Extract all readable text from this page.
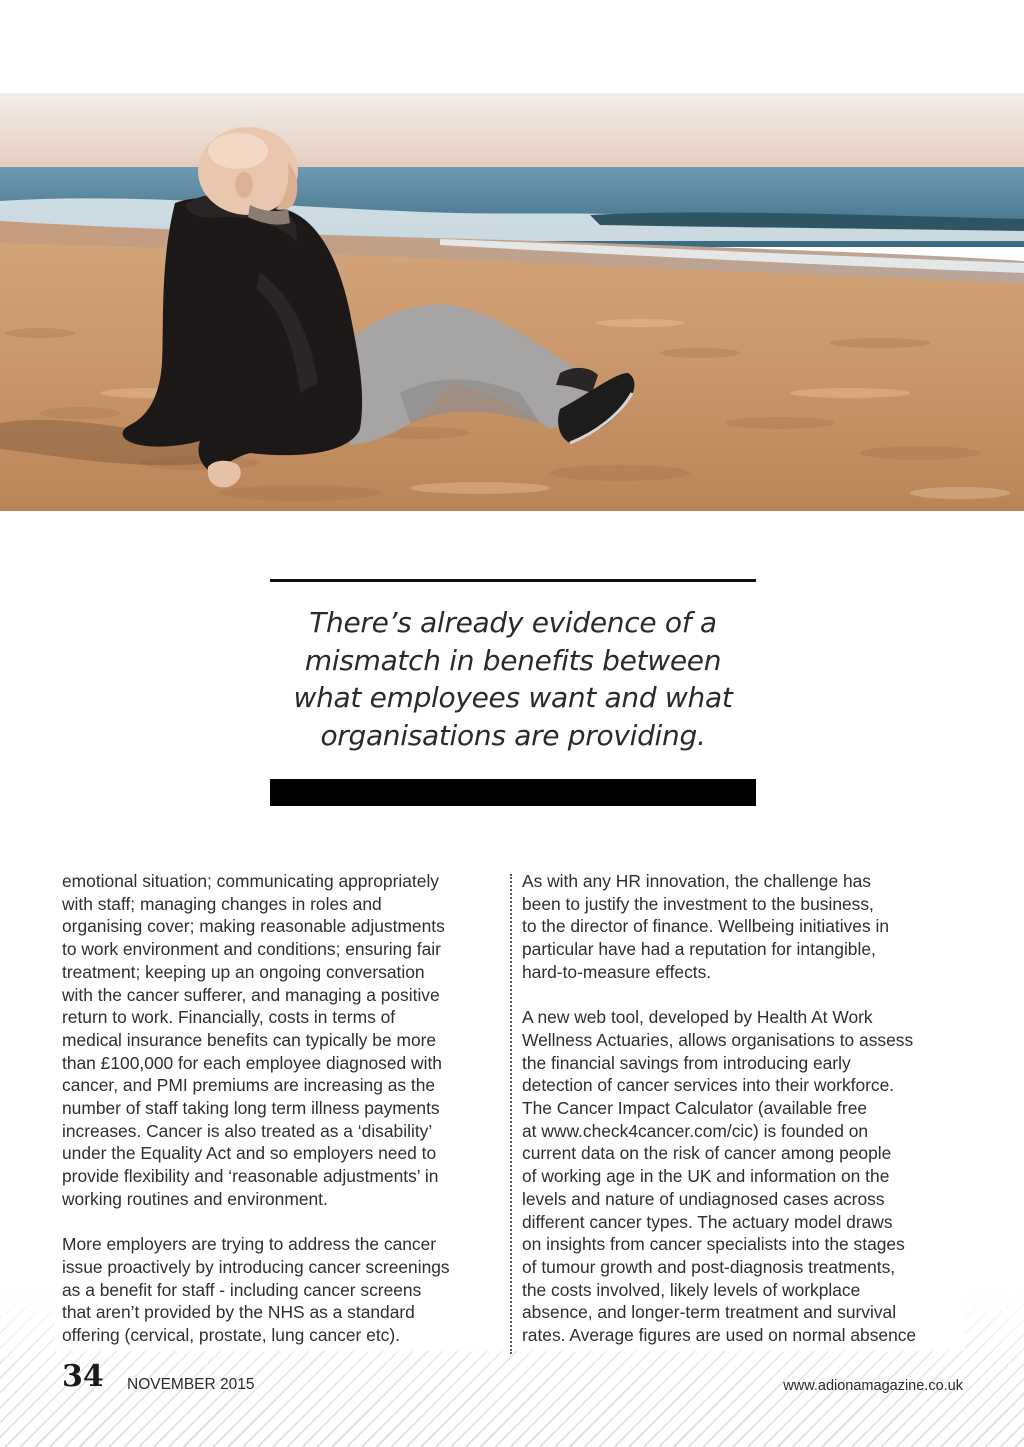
There’s already evidence of a
mismatch in benefits between
what employees want and what
organisations are providing.

emotional situation; communicating appropriately
with staff; managing changes in roles and
organising cover; making reasonable adjustments
to work environment and conditions; ensuring fair
treatment; keeping up an ongoing conversation
with the cancer sufferer, and managing a positive
return to work. Financially, costs in terms of
medical insurance benefits can typically be more
than £100,000 for each employee diagnosed with
cancer, and PMI premiums are increasing as the
number of staff taking long term illness payments
increases. Cancer is also treated as a ‘disability’
under the Equality Act and so employers need to
provide flexibility and ‘reasonable adjustments’ in
working routines and environment.

More employers are trying to address the cancer
issue proactively by introducing cancer screenings
as a benefit for staff - including cancer screens
that aren’t provided by the NHS as a standard
offering (cervical, prostate, lung cancer etc).

As with any HR innovation, the challenge has
been to justify the investment to the business,
to the director of finance. Wellbeing initiatives in
particular have had a reputation for intangible,
hard-to-measure effects.

A new web tool, developed by Health At Work
Wellness Actuaries, allows organisations to assess
the financial savings from introducing early
detection of cancer services into their workforce.
The Cancer Impact Calculator (available free
at www.check4cancer.com/cic) is founded on
current data on the risk of cancer among people
of working age in the UK and information on the
levels and nature of undiagnosed cases across
different cancer types. The actuary model draws
on insights from cancer specialists into the stages
of tumour growth and post-diagnosis treatments,
the costs involved, likely levels of workplace
absence, and longer-term treatment and survival
rates. Average figures are used on normal absence

34 NOVEMBER 2015	www.adionamagazine.co.uk
